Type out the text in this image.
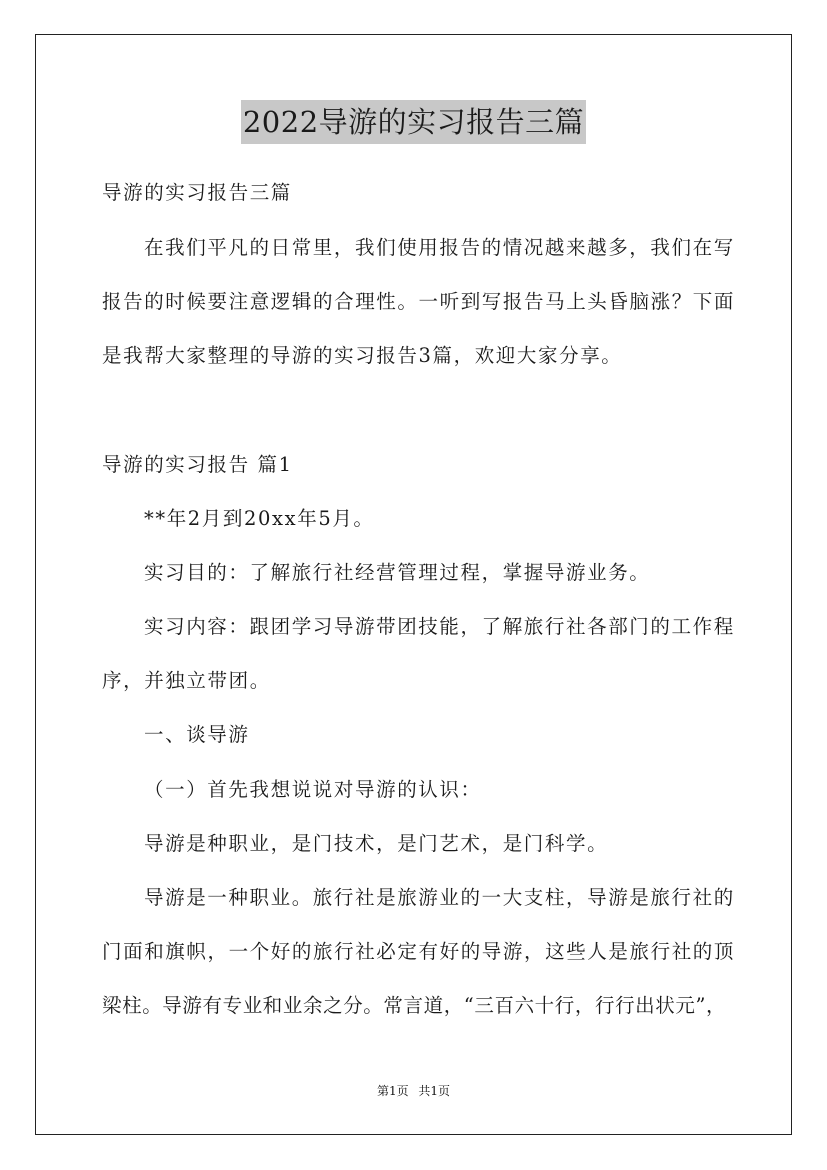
2022导游的实习报告三篇

导游的实习报告三篇

在我们平凡的日常里，我们使用报告的情况越来越多，我们在写

报告的时候要注意逻辑的合理性。一听到写报告马上头昏脑涨？下面

是我帮大家整理的导游的实习报告3篇，欢迎大家分享。

导游的实习报告 篇1

**年2月到20xx年5月。

实习目的：了解旅行社经营管理过程，掌握导游业务。

实习内容：跟团学习导游带团技能，了解旅行社各部门的工作程

序，并独立带团。

一、谈导游

（一）首先我想说说对导游的认识：

导游是种职业，是门技术，是门艺术，是门科学。

导游是一种职业。旅行社是旅游业的一大支柱，导游是旅行社的

门面和旗帜，一个好的旅行社必定有好的导游，这些人是旅行社的顶

梁柱。导游有专业和业余之分。常言道，“三百六十行，行行出状元”，

第1页 共1页
